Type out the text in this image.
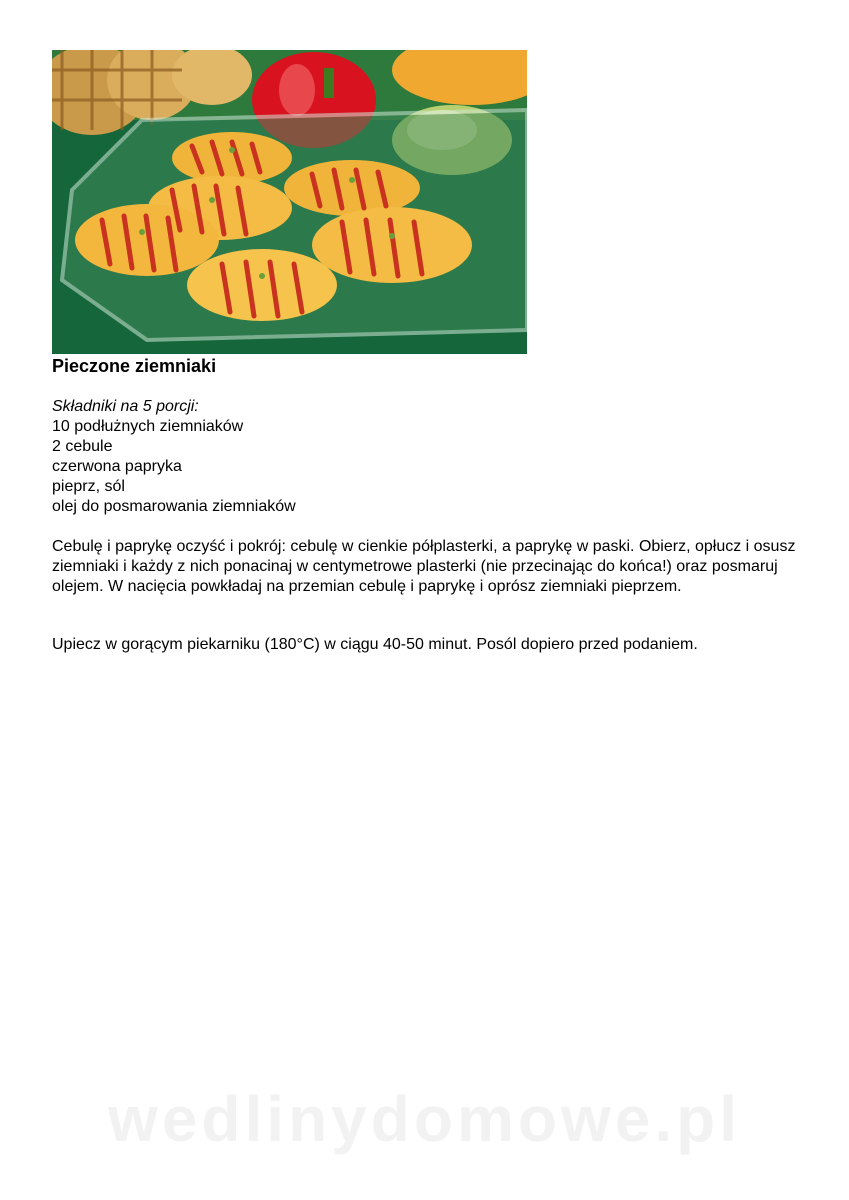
Pieczone ziemniaki
Składniki na 5 porcji:
10 podłużnych ziemniaków
2 cebule
czerwona papryka
pieprz, sól
olej do posmarowania ziemniaków

Cebulę i paprykę oczyść i pokrój: cebulę w cienkie półplasterki, a paprykę w paski. Obierz, opłucz i osusz ziemniaki i każdy z nich ponacinaj w centymetrowe plasterki (nie przecinając do końca!) oraz posmaruj olejem. W nacięcia powkładaj na przemian cebulę i paprykę i oprósz ziemniaki pieprzem.

Upiecz w gorącym piekarniku (180°C) w ciągu 40-50 minut. Posól dopiero przed podaniem.

wedlinydomowe.pl
